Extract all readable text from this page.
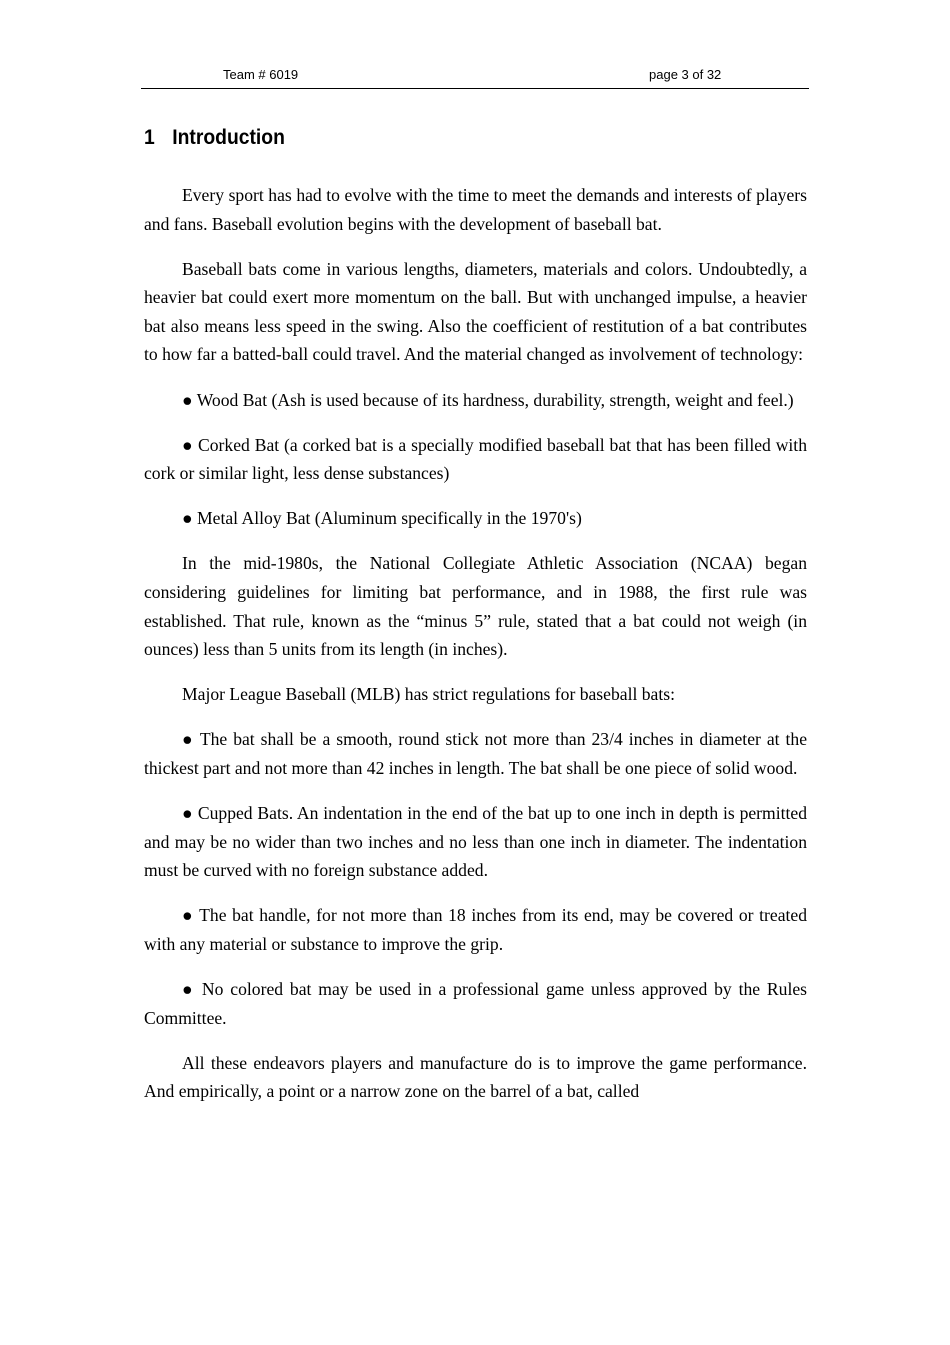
Team # 6019	page 3 of 32
1 Introduction

Every sport has had to evolve with the time to meet the demands and interests of players and fans. Baseball evolution begins with the development of baseball bat.

Baseball bats come in various lengths, diameters, materials and colors. Undoubtedly, a heavier bat could exert more momentum on the ball. But with unchanged impulse, a heavier bat also means less speed in the swing. Also the coefficient of restitution of a bat contributes to how far a batted-ball could travel. And the material changed as involvement of technology:

● Wood Bat (Ash is used because of its hardness, durability, strength, weight and feel.)

● Corked Bat (a corked bat is a specially modified baseball bat that has been filled with cork or similar light, less dense substances)

● Metal Alloy Bat (Aluminum specifically in the 1970's)

In the mid-1980s, the National Collegiate Athletic Association (NCAA) began considering guidelines for limiting bat performance, and in 1988, the first rule was established. That rule, known as the “minus 5” rule, stated that a bat could not weigh (in ounces) less than 5 units from its length (in inches).

Major League Baseball (MLB) has strict regulations for baseball bats:

● The bat shall be a smooth, round stick not more than 23/4 inches in diameter at the thickest part and not more than 42 inches in length. The bat shall be one piece of solid wood.

● Cupped Bats. An indentation in the end of the bat up to one inch in depth is permitted and may be no wider than two inches and no less than one inch in diameter. The indentation must be curved with no foreign substance added.

● The bat handle, for not more than 18 inches from its end, may be covered or treated with any material or substance to improve the grip.

● No colored bat may be used in a professional game unless approved by the Rules Committee.

All these endeavors players and manufacture do is to improve the game performance. And empirically, a point or a narrow zone on the barrel of a bat, called
